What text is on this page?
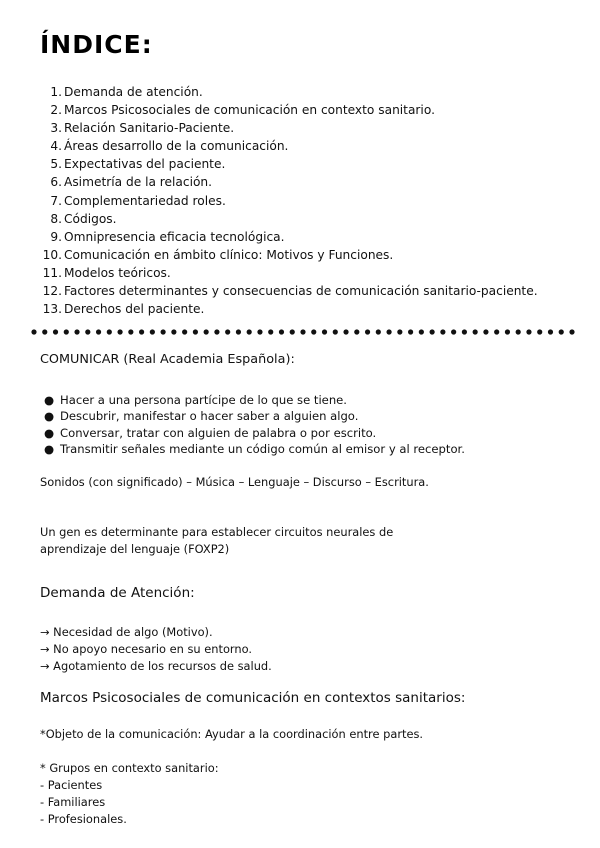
ÍNDICE:
1. Demanda de atención.
2. Marcos Psicosociales de comunicación en contexto sanitario.
3. Relación Sanitario-Paciente.
4. Áreas desarrollo de la comunicación.
5. Expectativas del paciente.
6. Asimetría de la relación.
7. Complementariedad roles.
8. Códigos.
9. Omnipresencia eficacia tecnológica.
10. Comunicación en ámbito clínico: Motivos y Funciones.
11. Modelos teóricos.
12. Factores determinantes y consecuencias de comunicación sanitario-paciente.
13. Derechos del paciente.
COMUNICAR (Real Academia Española):
● Hacer a una persona partícipe de lo que se tiene.
● Descubrir, manifestar o hacer saber a alguien algo.
● Conversar, tratar con alguien de palabra o por escrito.
● Transmitir señales mediante un código común al emisor y al receptor.
Sonidos (con significado) – Música – Lenguaje – Discurso – Escritura.
Un gen es determinante para establecer circuitos neurales de aprendizaje del lenguaje (FOXP2)
Demanda de Atención:
→ Necesidad de algo (Motivo).
→ No apoyo necesario en su entorno.
→ Agotamiento de los recursos de salud.
Marcos Psicosociales de comunicación en contextos sanitarios:
*Objeto de la comunicación: Ayudar a la coordinación entre partes.
* Grupos en contexto sanitario:
- Pacientes
- Familiares
- Profesionales.
